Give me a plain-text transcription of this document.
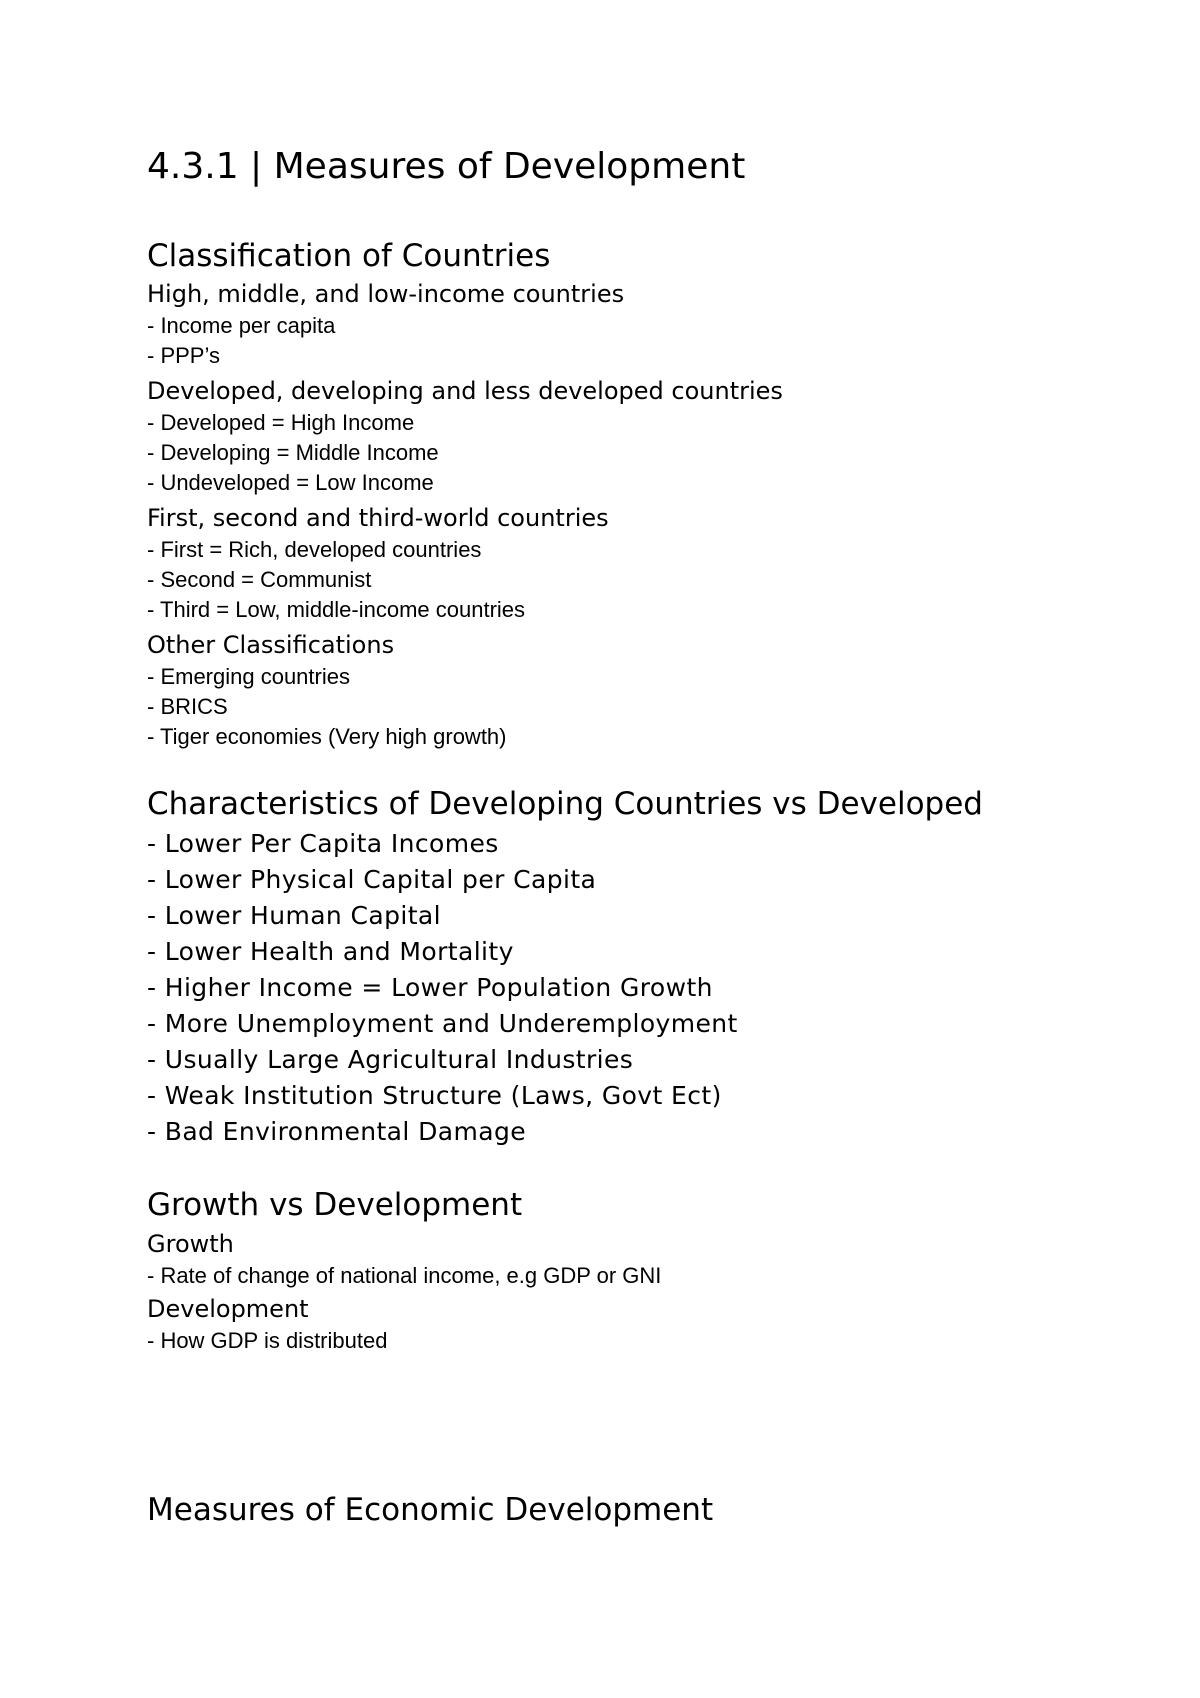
4.3.1 | Measures of Development
Classification of Countries
High, middle, and low-income countries
- Income per capita
- PPP’s
Developed, developing and less developed countries
- Developed = High Income
- Developing = Middle Income
- Undeveloped = Low Income
First, second and third-world countries
- First = Rich, developed countries
- Second = Communist
- Third = Low, middle-income countries
Other Classifications
- Emerging countries
- BRICS
- Tiger economies (Very high growth)
Characteristics of Developing Countries vs Developed
- Lower Per Capita Incomes
- Lower Physical Capital per Capita
- Lower Human Capital
- Lower Health and Mortality
- Higher Income = Lower Population Growth
- More Unemployment and Underemployment
- Usually Large Agricultural Industries
- Weak Institution Structure (Laws, Govt Ect)
- Bad Environmental Damage
Growth vs Development
Growth
- Rate of change of national income, e.g GDP or GNI
Development
- How GDP is distributed
Measures of Economic Development
